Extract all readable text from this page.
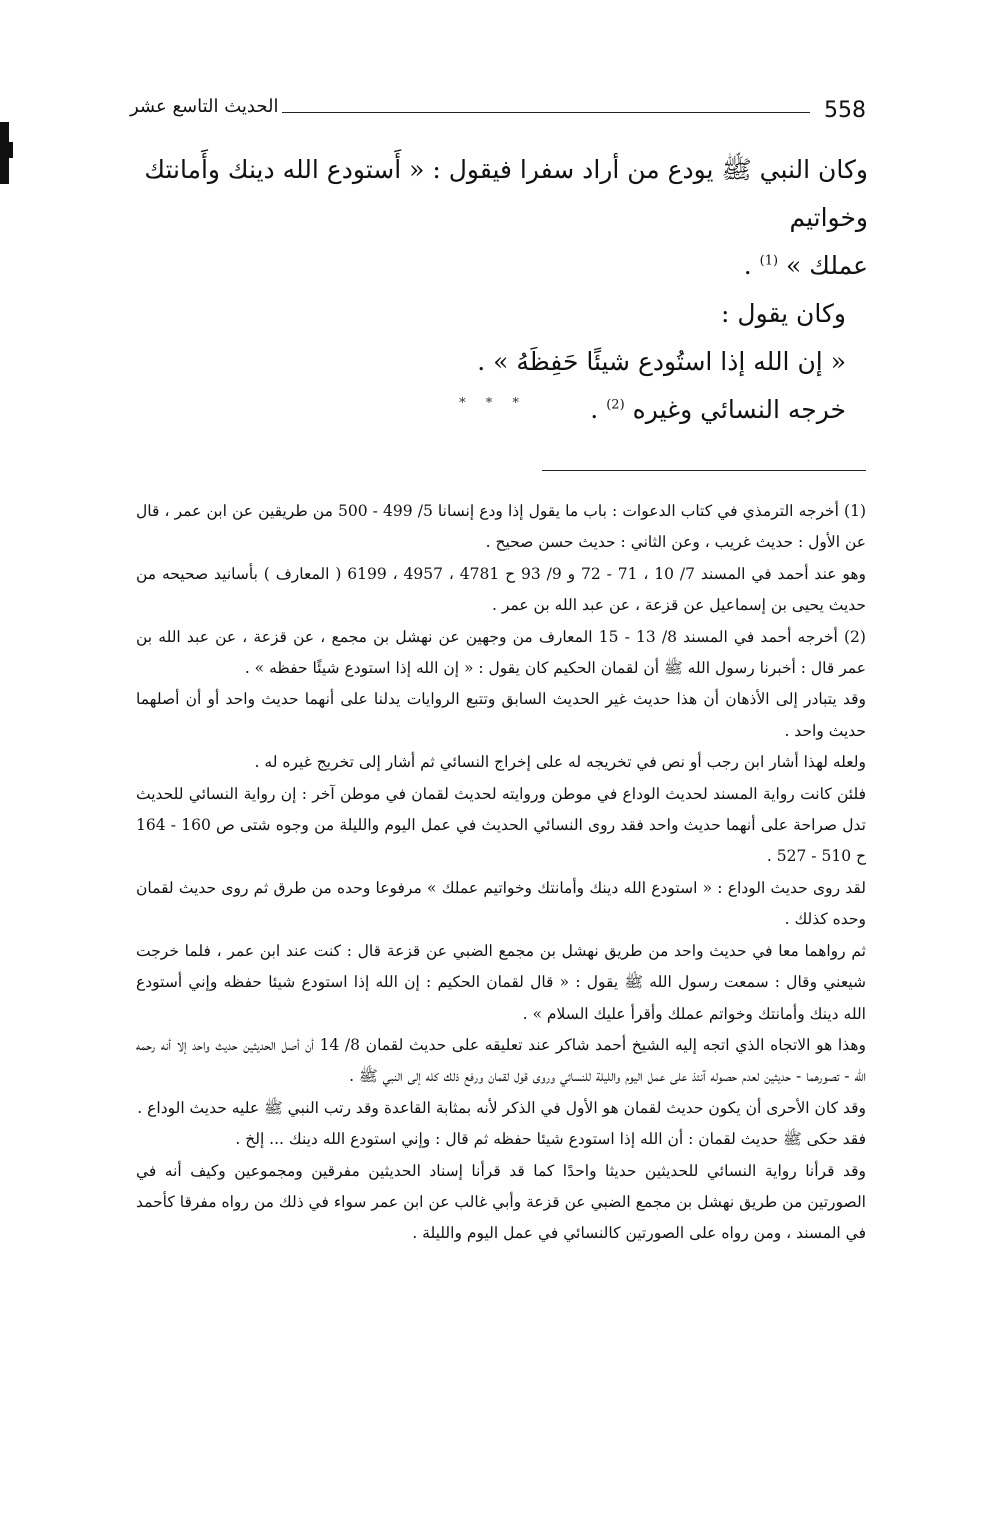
الحديث التاسع عشر	558

وكان النبي ﷺ يودع من أراد سفرا فيقول : « أَستودع الله دينك وأَمانتك وخواتيم
عملك » $^{(1)}$ .

وكان يقول :

« إن الله إذا استُودع شيئًا حَفِظَهُ » .

خرجه النسائي وغيره $^{(2)}$ .

* * *

(1) أخرجه الترمذي في كتاب الدعوات : باب ما يقول إذا ودع إنسانا 5/ 499 - 500 من طريقين عن ابن عمر ، قال عن الأول : حديث غريب ، وعن الثاني : حديث حسن صحيح .

وهو عند أحمد في المسند 7/ 10 ، 71 - 72 و 9/ 93 ح 4781 ، 4957 ، 6199 ( المعارف ) بأسانيد صحيحه من حديث يحيى بن إسماعيل عن قزعة ، عن عبد الله بن عمر .

(2) أخرجه أحمد في المسند 8/ 13 - 15 المعارف من وجهين عن نهشل بن مجمع ، عن قزعة ، عن عبد الله بن عمر قال : أخبرنا رسول الله ﷺ أن لقمان الحكيم كان يقول : « إن الله إذا استودع شيئًا حفظه » .

وقد يتبادر إلى الأذهان أن هذا حديث غير الحديث السابق وتتبع الروايات يدلنا على أنهما حديث واحد أو أن أصلهما حديث واحد .

ولعله لهذا أشار ابن رجب أو نص في تخريجه له على إخراج النسائي ثم أشار إلى تخريج غيره له .

فلئن كانت رواية المسند لحديث الوداع في موطن وروايته لحديث لقمان في موطن آخر : إن رواية النسائي للحديث تدل صراحة على أنهما حديث واحد فقد روى النسائي الحديث في عمل اليوم والليلة من وجوه شتى ص 160 - 164 ح 510 - 527 .

لقد روى حديث الوداع : « استودع الله دينك وأمانتك وخواتيم عملك » مرفوعا وحده من طرق ثم روى حديث لقمان وحده كذلك .

ثم رواهما معا في حديث واحد من طريق نهشل بن مجمع الضبي عن قزعة قال : كنت عند ابن عمر ، فلما خرجت شيعني وقال : سمعت رسول الله ﷺ يقول : « قال لقمان الحكيم : إن الله إذا استودع شيئا حفظه وإني أستودع الله دينك وأمانتك وخواتم عملك وأقرأ عليك السلام » .

وهذا هو الاتجاه الذي اتجه إليه الشيخ أحمد شاكر عند تعليقه على حديث لقمان 8/ 14 أن أصل الحديثين حديث واحد إلا أنه رحمه الله - تصورهما - حديثين لعدم حصوله آنئذ على عمل اليوم والليلة للنسائي وروى قول لقمان ورفع ذلك كله إلى النبي ﷺ .

وقد كان الأحرى أن يكون حديث لقمان هو الأول في الذكر لأنه بمثابة القاعدة وقد رتب النبي ﷺ عليه حديث الوداع .

فقد حكى ﷺ حديث لقمان : أن الله إذا استودع شيئا حفظه ثم قال : وإني استودع الله دينك ... إلخ .

وقد قرأنا رواية النسائي للحديثين حديثا واحدًا كما قد قرأنا إسناد الحديثين مفرقين ومجموعين وكيف أنه في الصورتين من طريق نهشل بن مجمع الضبي عن قزعة وأبي غالب عن ابن عمر سواء في ذلك من رواه مفرقا كأحمد في المسند ، ومن رواه على الصورتين كالنسائي في عمل اليوم والليلة .
